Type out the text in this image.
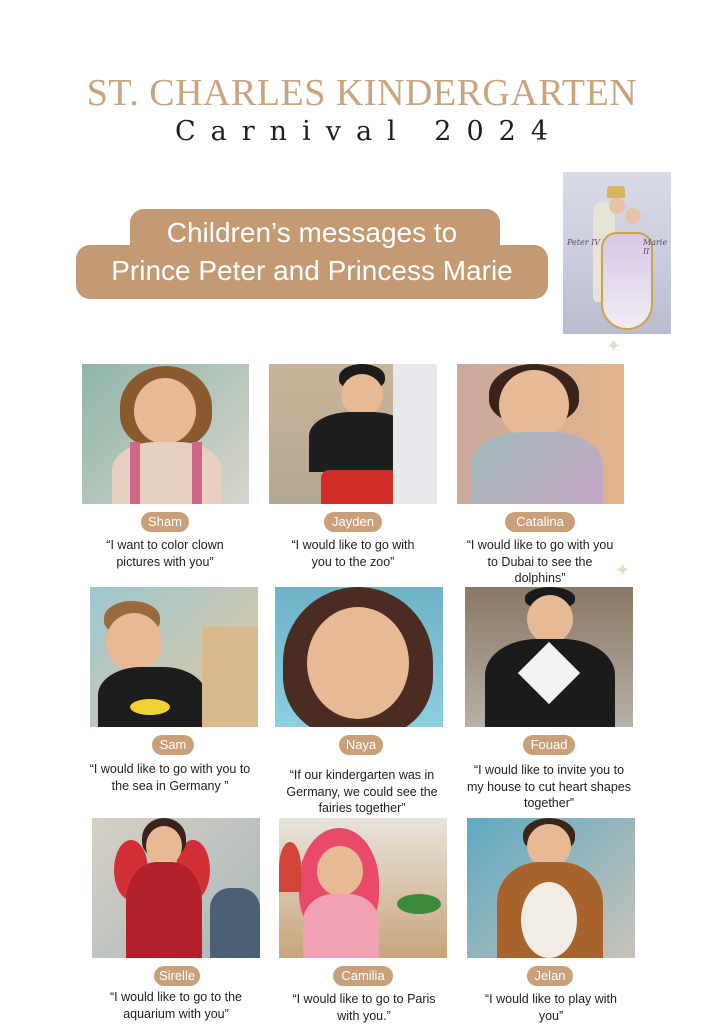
ST. CHARLES KINDERGARTEN
Carnival 2024
Children’s messages to
Prince Peter and Princess Marie
Peter IV	Marie II
✦
✦
Sham	Jayden	Catalina
“I want to color clown pictures with you”
“I would like to go with you to the zoo”
“I would like to go with you to Dubai to see the dolphins”
Sam	Naya	Fouad
“I would like to go with you to the sea in Germany ”
“If our kindergarten was in Germany, we could see the fairies together”
“I would like to invite you to my house to cut heart shapes together”
Sirelle	Camilia	Jelan
“I would like to go to the aquarium with you”
“I would like to go to Paris with you.”
“I would like to play with you”
